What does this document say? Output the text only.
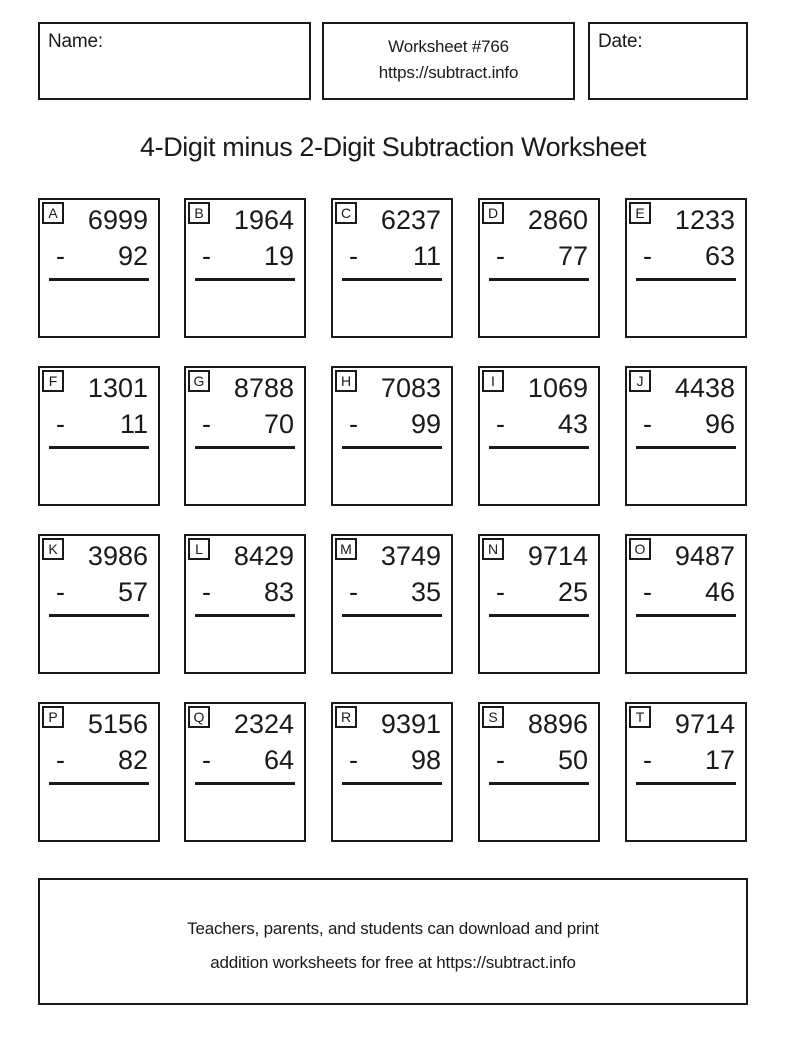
Name:	Worksheet #766
https://subtract.info
Date:
4-Digit minus 2-Digit Subtraction Worksheet
A	6999
- 92
B	1964
- 19
C	6237
- 11
D	2860
- 77
E	1233
- 63
F	1301
- 11
G	8788
- 70
H	7083
- 99
I	1069
- 43
J	4438
- 96
K	3986
- 57
L	8429
- 83
M	3749
- 35
N	9714
- 25
O	9487
- 46
P	5156
- 82
Q	2324
- 64
R	9391
- 98
S	8896
- 50
T	9714
- 17
Teachers, parents, and students can download and print
addition worksheets for free at https://subtract.info
